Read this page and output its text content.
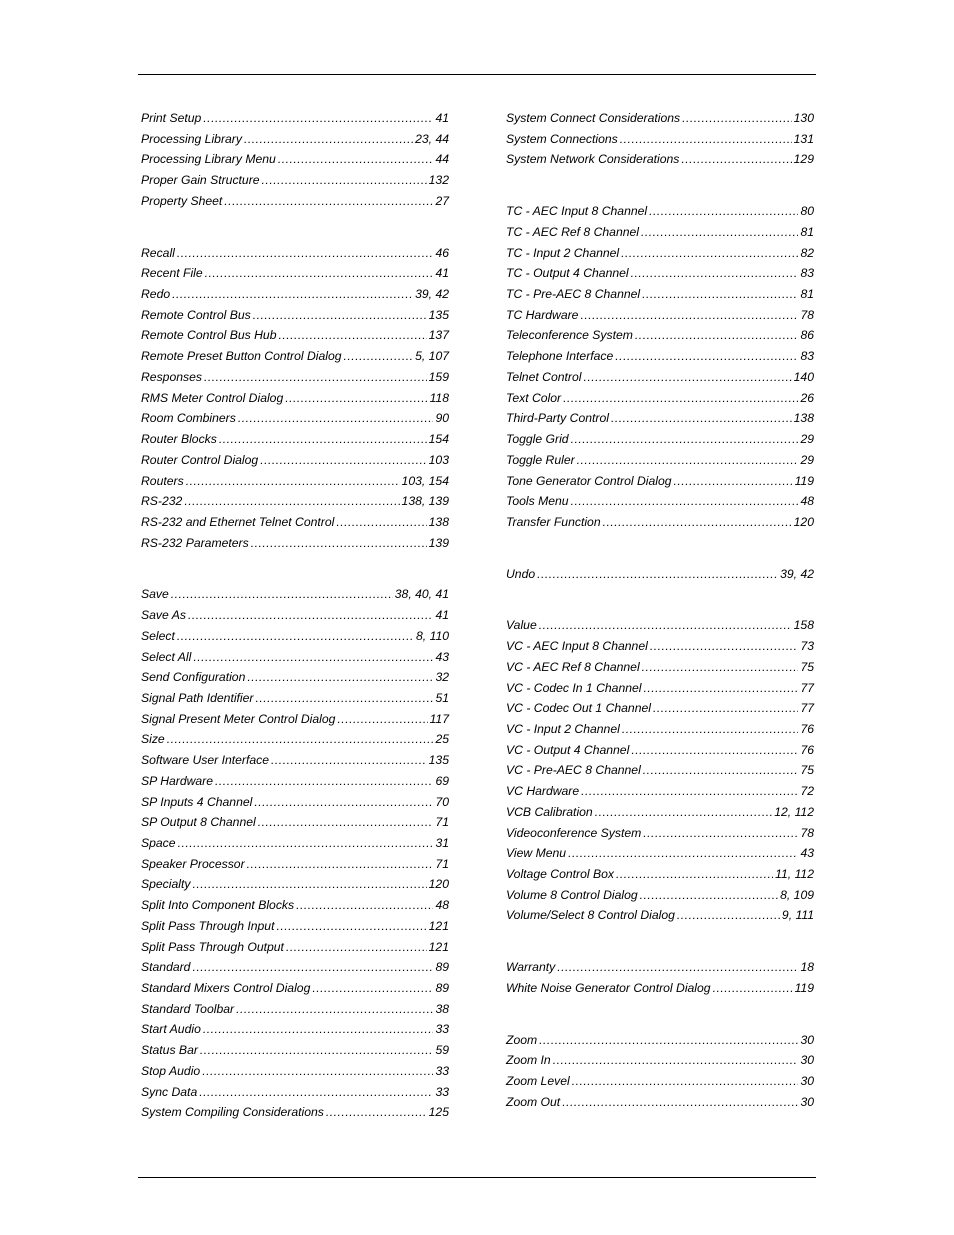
Print Setup .....	41
Processing Library .....	23, 44
Processing Library Menu .....	44
Proper Gain Structure .....	132
Property Sheet .....	27
Recall .....	46
Recent File .....	41
Redo .....	39, 42
Remote Control Bus .....	135
Remote Control Bus Hub .....	137
Remote Preset Button Control Dialog .....	5, 107
Responses .....	159
RMS Meter Control Dialog .....	118
Room Combiners .....	90
Router Blocks .....	154
Router Control Dialog .....	103
Routers .....	103, 154
RS-232 .....	138, 139
RS-232 and Ethernet Telnet Control .....	138
RS-232 Parameters .....	139
Save .....	38, 40, 41
Save As .....	41
Select .....	8, 110
Select All .....	43
Send Configuration .....	32
Signal Path Identifier .....	51
Signal Present Meter Control Dialog .....	117
Size .....	25
Software User Interface .....	135
SP Hardware .....	69
SP Inputs 4 Channel .....	70
SP Output 8 Channel .....	71
Space .....	31
Speaker Processor .....	71
Specialty .....	120
Split Into Component Blocks .....	48
Split Pass Through Input .....	121
Split Pass Through Output .....	121
Standard .....	89
Standard Mixers Control Dialog .....	89
Standard Toolbar .....	38
Start Audio .....	33
Status Bar .....	59
Stop Audio .....	33
Sync Data .....	33
System Compiling Considerations .....	125
System Connect Considerations .....	130
System Connections .....	131
System Network Considerations .....	129
TC - AEC Input 8 Channel .....	80
TC - AEC Ref 8 Channel .....	81
TC - Input 2 Channel .....	82
TC - Output 4 Channel .....	83
TC - Pre-AEC 8 Channel .....	81
TC Hardware .....	78
Teleconference System .....	86
Telephone Interface .....	83
Telnet Control .....	140
Text Color .....	26
Third-Party Control .....	138
Toggle Grid .....	29
Toggle Ruler .....	29
Tone Generator Control Dialog .....	119
Tools Menu .....	48
Transfer Function .....	120
Undo .....	39, 42
Value .....	158
VC - AEC Input 8 Channel .....	73
VC - AEC Ref 8 Channel .....	75
VC - Codec In 1 Channel .....	77
VC - Codec Out 1 Channel .....	77
VC - Input 2 Channel .....	76
VC - Output 4 Channel .....	76
VC - Pre-AEC 8 Channel .....	75
VC Hardware .....	72
VCB Calibration .....	12, 112
Videoconference System .....	78
View Menu .....	43
Voltage Control Box .....	11, 112
Volume 8 Control Dialog .....	8, 109
Volume/Select 8 Control Dialog .....	9, 111
Warranty .....	18
White Noise Generator Control Dialog .....	119
Zoom .....	30
Zoom In .....	30
Zoom Level .....	30
Zoom Out .....	30
